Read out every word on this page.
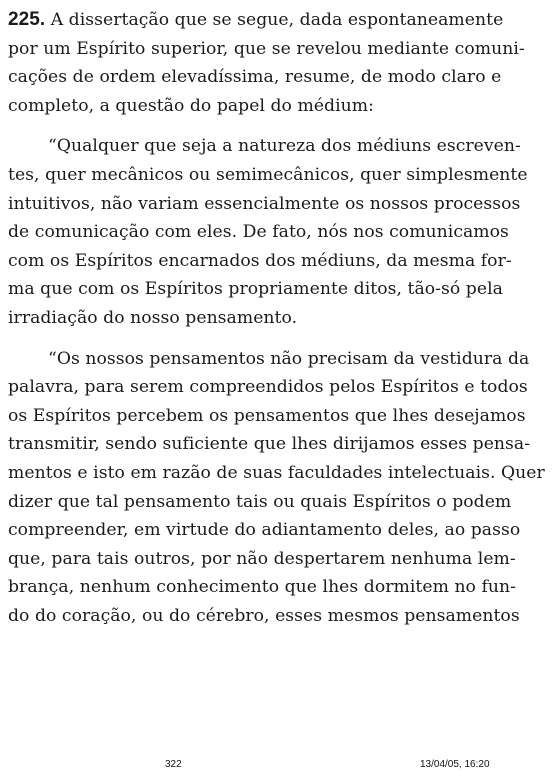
225. A dissertação que se segue, dada espontaneamente
por um Espírito superior, que se revelou mediante comuni-
cações de ordem elevadíssima, resume, de modo claro e
completo, a questão do papel do médium:

“Qualquer que seja a natureza dos médiuns escreven-
tes, quer mecânicos ou semimecânicos, quer simplesmente
intuitivos, não variam essencialmente os nossos processos
de comunicação com eles. De fato, nós nos comunicamos
com os Espíritos encarnados dos médiuns, da mesma for-
ma que com os Espíritos propriamente ditos, tão-só pela
irradiação do nosso pensamento.

“Os nossos pensamentos não precisam da vestidura da
palavra, para serem compreendidos pelos Espíritos e todos
os Espíritos percebem os pensamentos que lhes desejamos
transmitir, sendo suficiente que lhes dirijamos esses pensa-
mentos e isto em razão de suas faculdades intelectuais. Quer
dizer que tal pensamento tais ou quais Espíritos o podem
compreender, em virtude do adiantamento deles, ao passo
que, para tais outros, por não despertarem nenhuma lem-
brança, nenhum conhecimento que lhes dormitem no fun-
do do coração, ou do cérebro, esses mesmos pensamentos

322	13/04/05, 16:20
